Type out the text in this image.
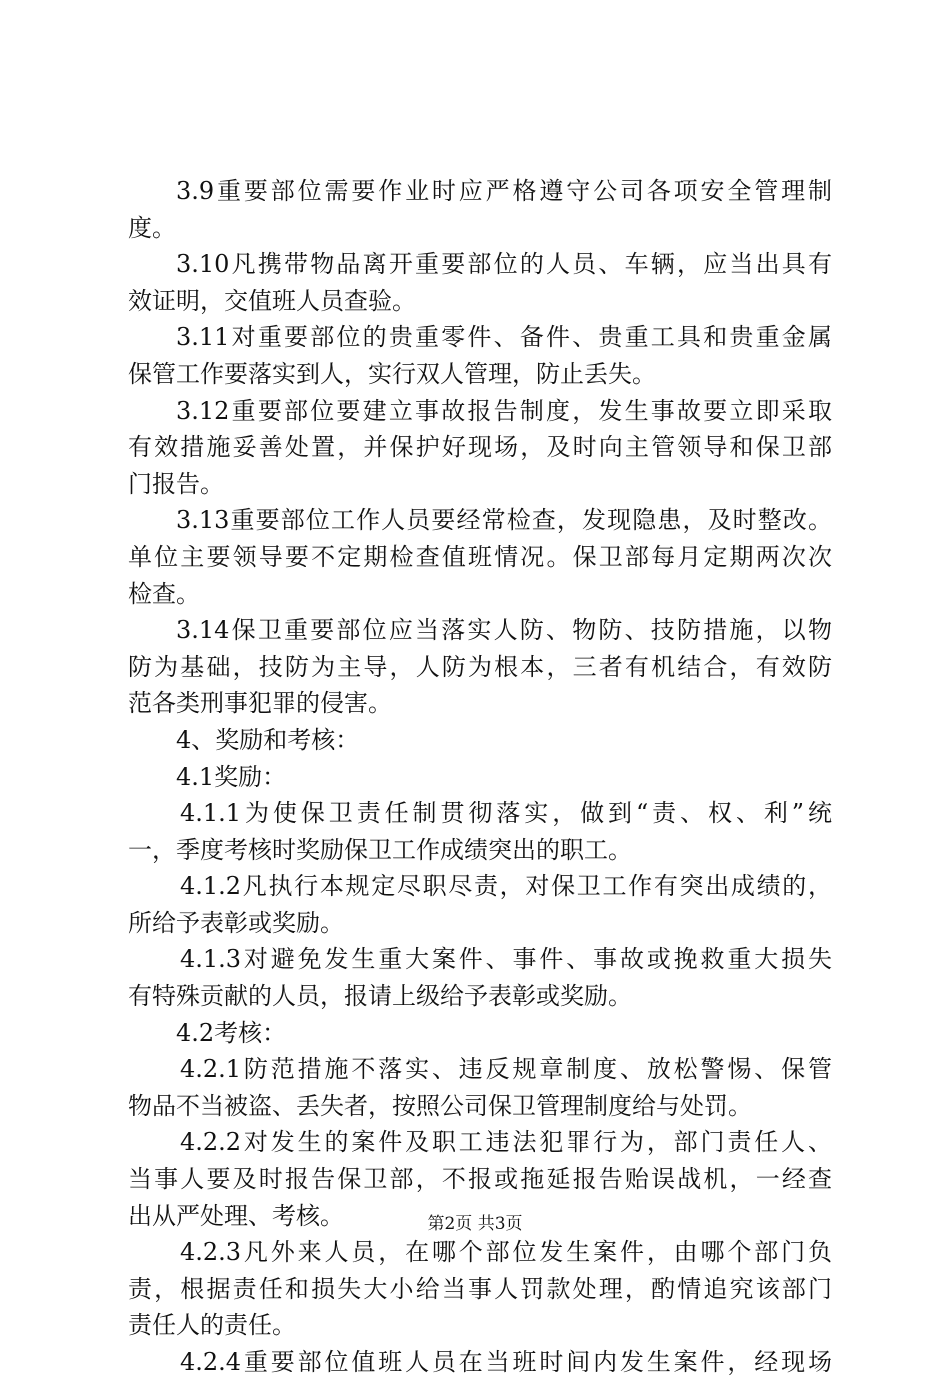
3.9重要部位需要作业时应严格遵守公司各项安全管理制
度。
3.10凡携带物品离开重要部位的人员、车辆，应当出具有
效证明，交值班人员查验。
3.11对重要部位的贵重零件、备件、贵重工具和贵重金属
保管工作要落实到人，实行双人管理，防止丢失。
3.12重要部位要建立事故报告制度，发生事故要立即采取
有效措施妥善处置，并保护好现场，及时向主管领导和保卫部
门报告。
3.13重要部位工作人员要经常检查，发现隐患，及时整改。
单位主要领导要不定期检查值班情况。保卫部每月定期两次次
检查。
3.14保卫重要部位应当落实人防、物防、技防措施，以物
防为基础，技防为主导，人防为根本，三者有机结合，有效防
范各类刑事犯罪的侵害。
4、奖励和考核：
4.1奖励：
4.1.1为使保卫责任制贯彻落实，做到“责、权、利”统
一，季度考核时奖励保卫工作成绩突出的职工。
4.1.2凡执行本规定尽职尽责，对保卫工作有突出成绩的，
所给予表彰或奖励。
4.1.3对避免发生重大案件、事件、事故或挽救重大损失
有特殊贡献的人员，报请上级给予表彰或奖励。
4.2考核：
4.2.1防范措施不落实、违反规章制度、放松警惕、保管
物品不当被盗、丢失者，按照公司保卫管理制度给与处罚。
4.2.2对发生的案件及职工违法犯罪行为，部门责任人、
当事人要及时报告保卫部，不报或拖延报告贻误战机，一经查
出从严处理、考核。
4.2.3凡外来人员，在哪个部位发生案件，由哪个部门负
责，根据责任和损失大小给当事人罚款处理，酌情追究该部门
责任人的责任。
4.2.4重要部位值班人员在当班时间内发生案件，经现场
第2页 共3页
